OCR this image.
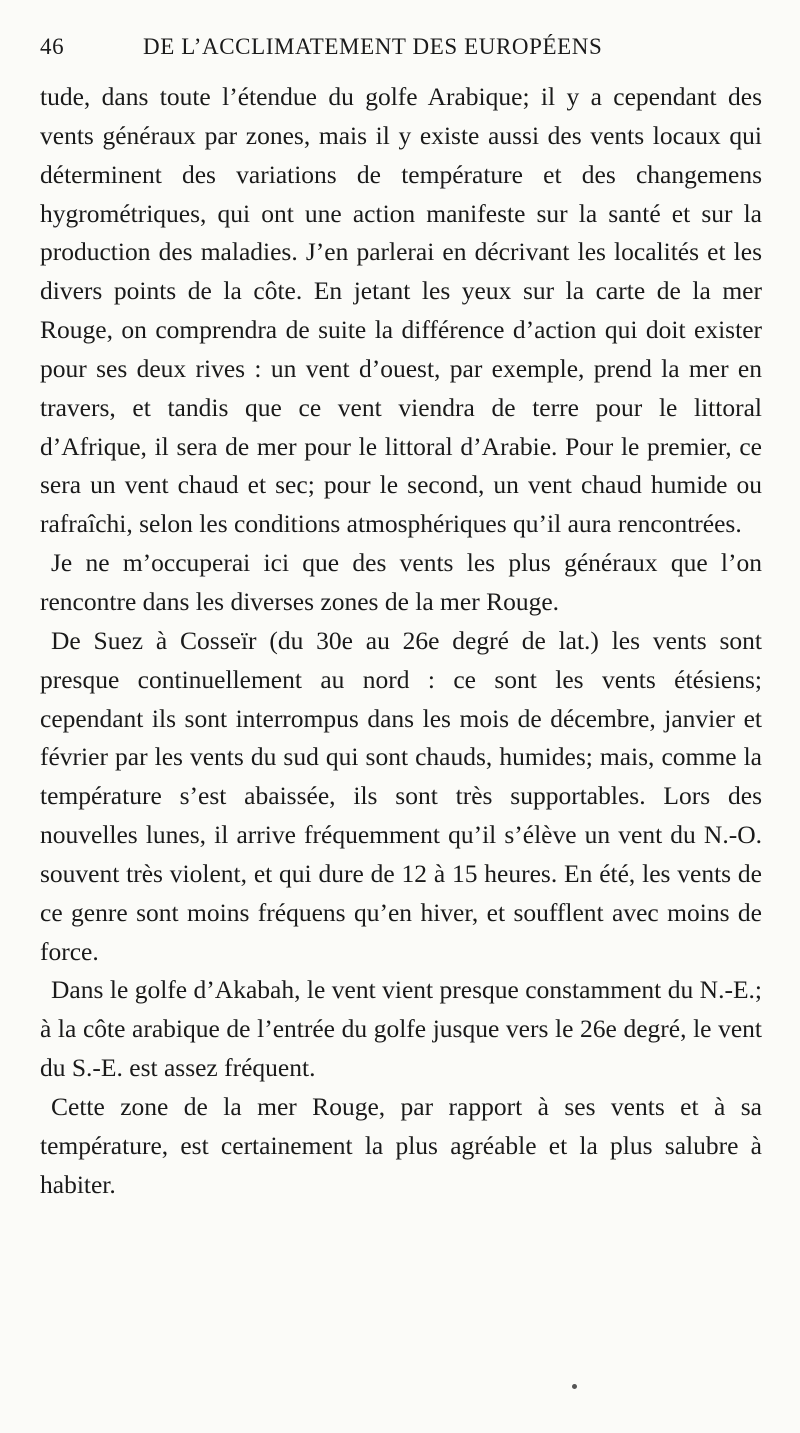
46	DE L’ACCLIMATEMENT DES EUROPÉENS

tude, dans toute l’étendue du golfe Arabique; il y a cependant des vents généraux par zones, mais il y existe aussi des vents locaux qui déterminent des variations de température et des changemens hygrométriques, qui ont une action manifeste sur la santé et sur la production des maladies. J’en parlerai en décrivant les localités et les divers points de la côte. En jetant les yeux sur la carte de la mer Rouge, on comprendra de suite la différence d’action qui doit exister pour ses deux rives : un vent d’ouest, par exemple, prend la mer en travers, et tandis que ce vent viendra de terre pour le littoral d’Afrique, il sera de mer pour le littoral d’Arabie. Pour le premier, ce sera un vent chaud et sec; pour le second, un vent chaud humide ou rafraîchi, selon les conditions atmosphériques qu’il aura rencontrées.

Je ne m’occuperai ici que des vents les plus généraux que l’on rencontre dans les diverses zones de la mer Rouge.

De Suez à Cosseïr (du 30e au 26e degré de lat.) les vents sont presque continuellement au nord : ce sont les vents étésiens; cependant ils sont interrompus dans les mois de décembre, janvier et février par les vents du sud qui sont chauds, humides; mais, comme la température s’est abaissée, ils sont très supportables. Lors des nouvelles lunes, il arrive fréquemment qu’il s’élève un vent du N.-O. souvent très violent, et qui dure de 12 à 15 heures. En été, les vents de ce genre sont moins fréquens qu’en hiver, et soufflent avec moins de force.

Dans le golfe d’Akabah, le vent vient presque constamment du N.-E.; à la côte arabique de l’entrée du golfe jusque vers le 26e degré, le vent du S.-E. est assez fréquent.

Cette zone de la mer Rouge, par rapport à ses vents et à sa température, est certainement la plus agréable et la plus salubre à habiter.
